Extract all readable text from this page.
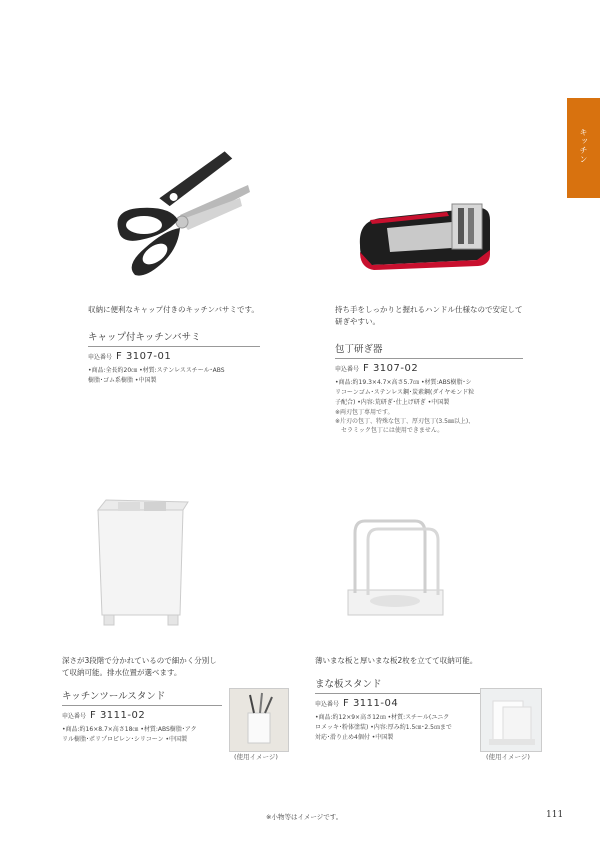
キッチン
収納に便利なキャップ付きのキッチンバサミです。
キャップ付キッチンバサミ
申込番号 F 3107-01
•商品:全長約20㎝ •材質:ステンレススチール･ABS
樹脂･ゴム系樹脂 •中国製
持ち手をしっかりと握れるハンドル仕様なので安定して研ぎやすい。
包丁研ぎ器
申込番号 F 3107-02
•商品:約19.3×4.7×高さ5.7㎝ •材質:ABS樹脂･シ
リコーンゴム･ステンレス鋼･炭素鋼(ダイヤモンド粒
子配合) •内容:荒研ぎ･仕上げ研ぎ •中国製
※両刃包丁専用です。
※片刃の包丁、特殊な包丁、厚刃包丁(3.5㎜以上)、
　セラミック包丁には使用できません。
深さが3段階で分かれているので細かく分別して収納可能。排水位置が選べます。
キッチンツールスタンド
申込番号 F 3111-02
•商品:約16×8.7×高さ18㎝ •材質:ABS樹脂･アク
リル樹脂･ポリプロピレン･シリコーン •中国製
(使用イメージ)
薄いまな板と厚いまな板2枚を立てて収納可能。
まな板スタンド
申込番号 F 3111-04
•商品:約12×9×高さ12㎝ •材質:スチール(ユニク
ロメッキ･粉体塗装) •内容:厚み約1.5㎝･2.5㎝まで
対応･滑り止め4個付 •中国製
(使用イメージ)
※小物等はイメージです。	111
